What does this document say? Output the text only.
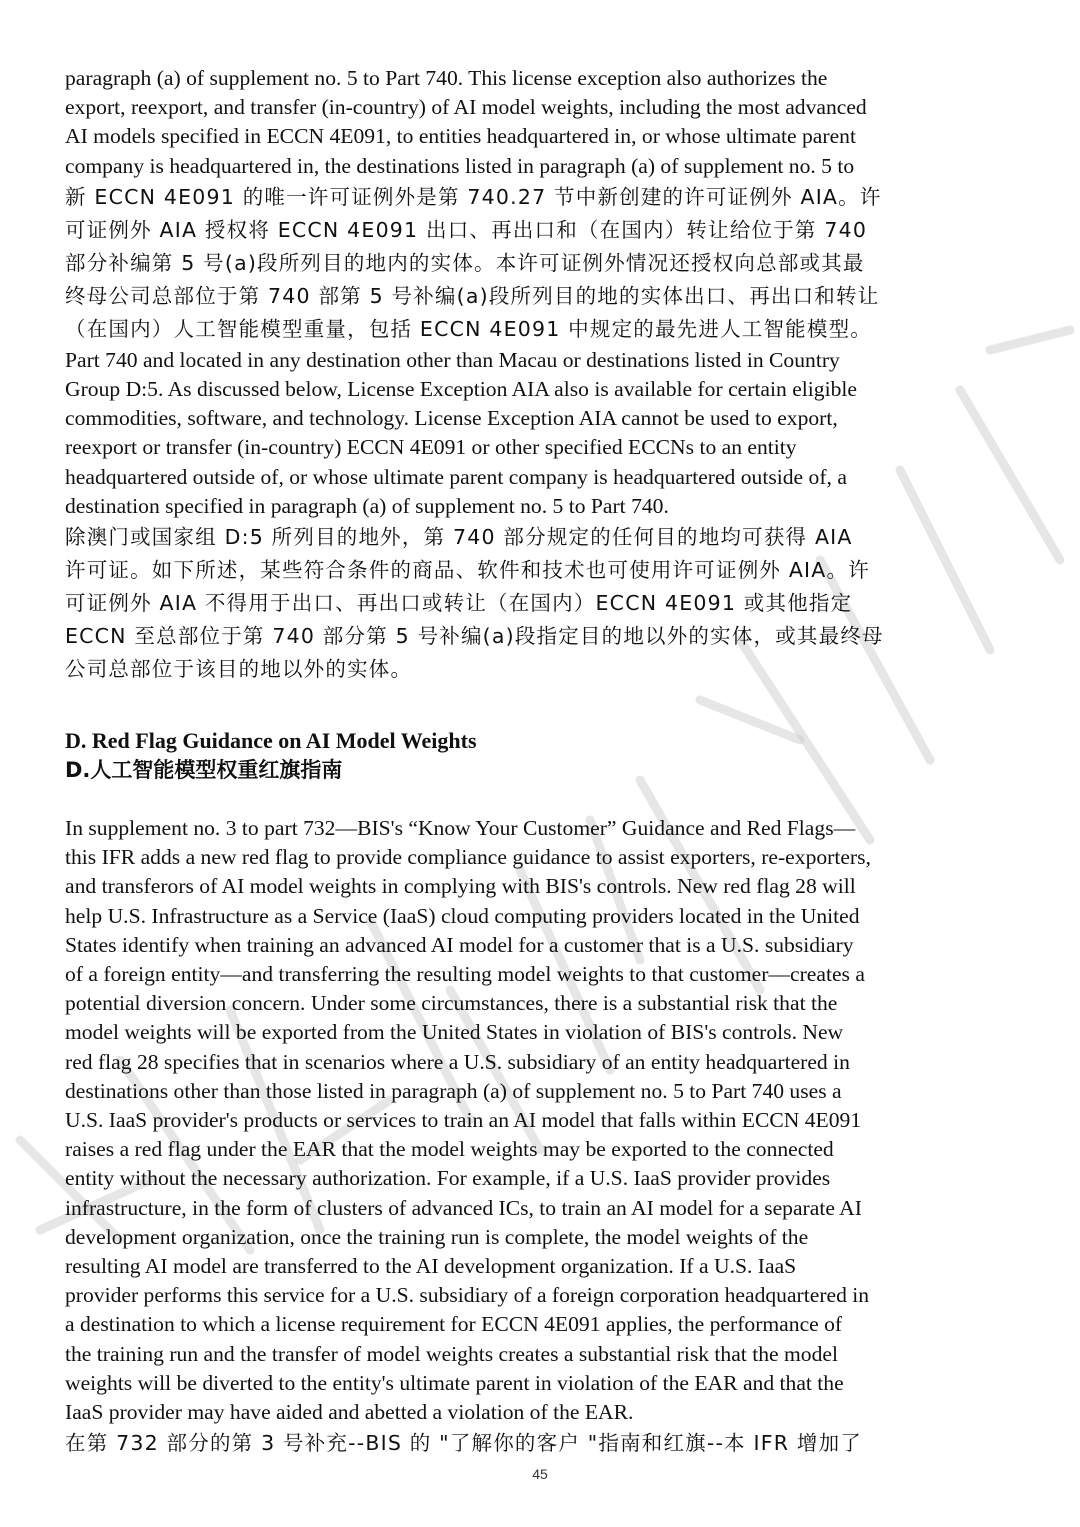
paragraph (a) of supplement no. 5 to Part 740. This license exception also authorizes the
export, reexport, and transfer (in-country) of AI model weights, including the most advanced
AI models specified in ECCN 4E091, to entities headquartered in, or whose ultimate parent
company is headquartered in, the destinations listed in paragraph (a) of supplement no. 5 to

新 ECCN 4E091 的唯一许可证例外是第 740.27 节中新创建的许可证例外 AIA。许
可证例外 AIA 授权将 ECCN 4E091 出口、再出口和（在国内）转让给位于第 740
部分补编第 5 号(a)段所列目的地内的实体。本许可证例外情况还授权向总部或其最
终母公司总部位于第 740 部第 5 号补编(a)段所列目的地的实体出口、再出口和转让
（在国内）人工智能模型重量，包括 ECCN 4E091 中规定的最先进人工智能模型。

Part 740 and located in any destination other than Macau or destinations listed in Country
Group D:5. As discussed below, License Exception AIA also is available for certain eligible
commodities, software, and technology. License Exception AIA cannot be used to export,
reexport or transfer (in-country) ECCN 4E091 or other specified ECCNs to an entity
headquartered outside of, or whose ultimate parent company is headquartered outside of, a
destination specified in paragraph (a) of supplement no. 5 to Part 740.

除澳门或国家组 D:5 所列目的地外，第 740 部分规定的任何目的地均可获得 AIA
许可证。如下所述，某些符合条件的商品、软件和技术也可使用许可证例外 AIA。许
可证例外 AIA 不得用于出口、再出口或转让（在国内）ECCN 4E091 或其他指定
ECCN 至总部位于第 740 部分第 5 号补编(a)段指定目的地以外的实体，或其最终母
公司总部位于该目的地以外的实体。

D. Red Flag Guidance on AI Model Weights
D.人工智能模型权重红旗指南

In supplement no. 3 to part 732—BIS's “Know Your Customer” Guidance and Red Flags—
this IFR adds a new red flag to provide compliance guidance to assist exporters, re-exporters,
and transferors of AI model weights in complying with BIS's controls. New red flag 28 will
help U.S. Infrastructure as a Service (IaaS) cloud computing providers located in the United
States identify when training an advanced AI model for a customer that is a U.S. subsidiary
of a foreign entity—and transferring the resulting model weights to that customer—creates a
potential diversion concern. Under some circumstances, there is a substantial risk that the
model weights will be exported from the United States in violation of BIS's controls. New
red flag 28 specifies that in scenarios where a U.S. subsidiary of an entity headquartered in
destinations other than those listed in paragraph (a) of supplement no. 5 to Part 740 uses a
U.S. IaaS provider's products or services to train an AI model that falls within ECCN 4E091
raises a red flag under the EAR that the model weights may be exported to the connected
entity without the necessary authorization. For example, if a U.S. IaaS provider provides
infrastructure, in the form of clusters of advanced ICs, to train an AI model for a separate AI
development organization, once the training run is complete, the model weights of the
resulting AI model are transferred to the AI development organization. If a U.S. IaaS
provider performs this service for a U.S. subsidiary of a foreign corporation headquartered in
a destination to which a license requirement for ECCN 4E091 applies, the performance of
the training run and the transfer of model weights creates a substantial risk that the model
weights will be diverted to the entity's ultimate parent in violation of the EAR and that the
IaaS provider may have aided and abetted a violation of the EAR.

在第 732 部分的第 3 号补充--BIS 的 "了解你的客户 "指南和红旗--本 IFR 增加了

45
